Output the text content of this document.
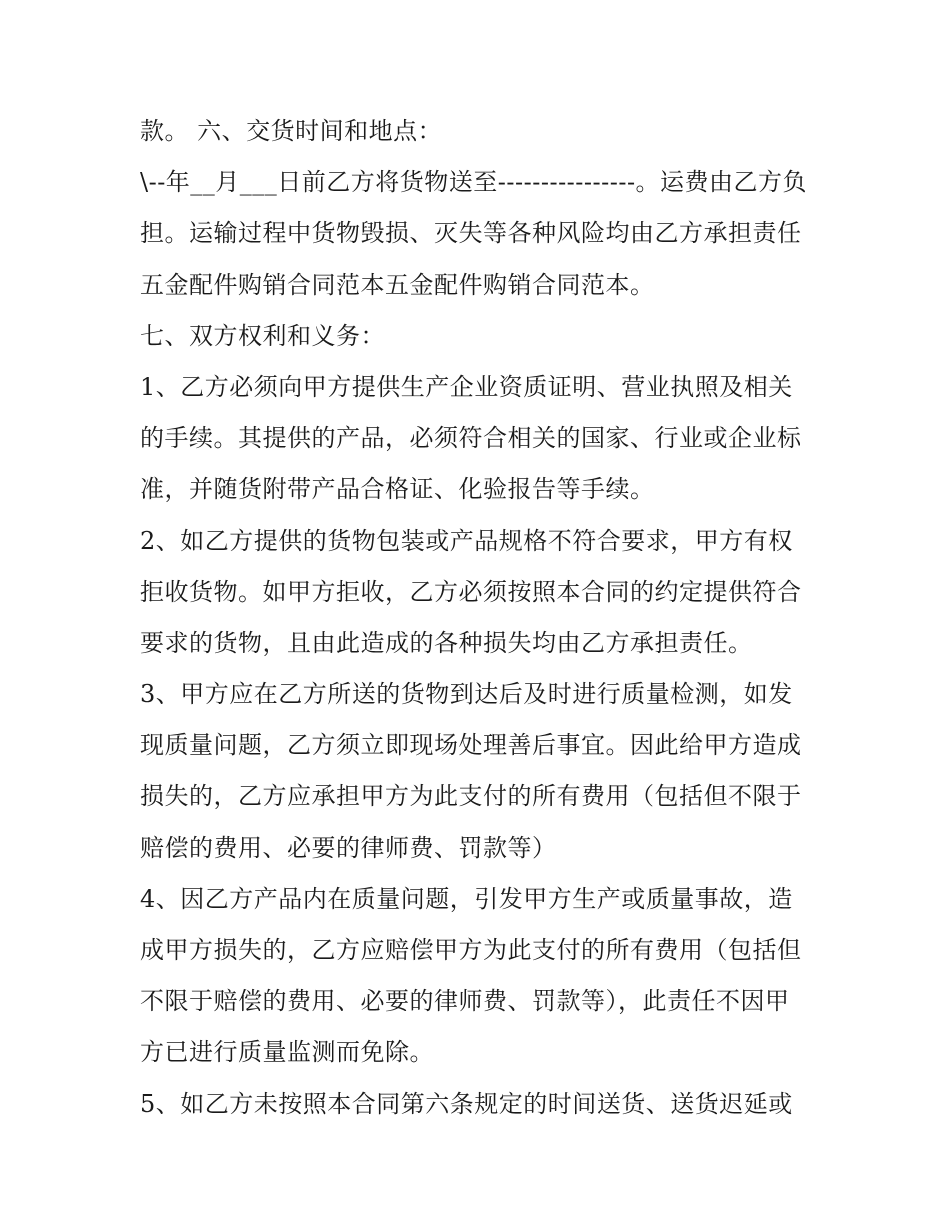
款。 六、交货时间和地点：
\--年__月___日前乙方将货物送至----------------。运费由乙方负
担。运输过程中货物毁损、灭失等各种风险均由乙方承担责任
五金配件购销合同范本五金配件购销合同范本。
七、双方权利和义务：
1、乙方必须向甲方提供生产企业资质证明、营业执照及相关
的手续。其提供的产品，必须符合相关的国家、行业或企业标
准，并随货附带产品合格证、化验报告等手续。
2、如乙方提供的货物包装或产品规格不符合要求，甲方有权
拒收货物。如甲方拒收，乙方必须按照本合同的约定提供符合
要求的货物，且由此造成的各种损失均由乙方承担责任。
3、甲方应在乙方所送的货物到达后及时进行质量检测，如发
现质量问题，乙方须立即现场处理善后事宜。因此给甲方造成
损失的，乙方应承担甲方为此支付的所有费用（包括但不限于
赔偿的费用、必要的律师费、罚款等）
4、因乙方产品内在质量问题，引发甲方生产或质量事故，造
成甲方损失的，乙方应赔偿甲方为此支付的所有费用（包括但
不限于赔偿的费用、必要的律师费、罚款等），此责任不因甲
方已进行质量监测而免除。
5、如乙方未按照本合同第六条规定的时间送货、送货迟延或
